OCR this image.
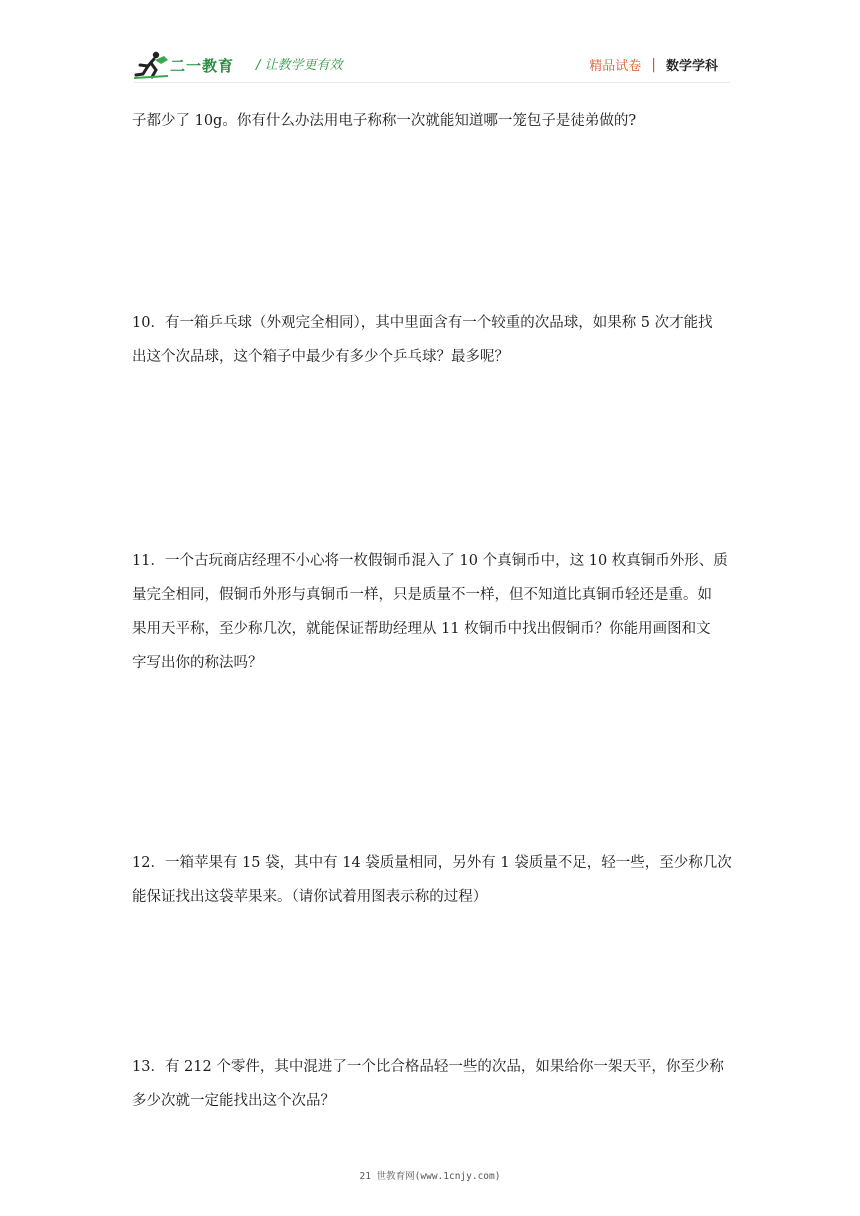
二一教育 / 让教学更有效	精品试卷 | 数学学科

子都少了 10g。你有什么办法用电子称称一次就能知道哪一笼包子是徒弟做的?

10．有一箱乒乓球（外观完全相同），其中里面含有一个较重的次品球，如果称 5 次才能找

出这个次品球，这个箱子中最少有多少个乒乓球？最多呢？

11．一个古玩商店经理不小心将一枚假铜币混入了 10 个真铜币中，这 10 枚真铜币外形、质

量完全相同，假铜币外形与真铜币一样，只是质量不一样，但不知道比真铜币轻还是重。如

果用天平称，至少称几次，就能保证帮助经理从 11 枚铜币中找出假铜币？你能用画图和文

字写出你的称法吗？

12．一箱苹果有 15 袋，其中有 14 袋质量相同，另外有 1 袋质量不足，轻一些，至少称几次

能保证找出这袋苹果来。（请你试着用图表示称的过程）

13．有 212 个零件，其中混进了一个比合格品轻一些的次品，如果给你一架天平，你至少称

多少次就一定能找出这个次品？

21 世教育网(www.1cnjy.com)
